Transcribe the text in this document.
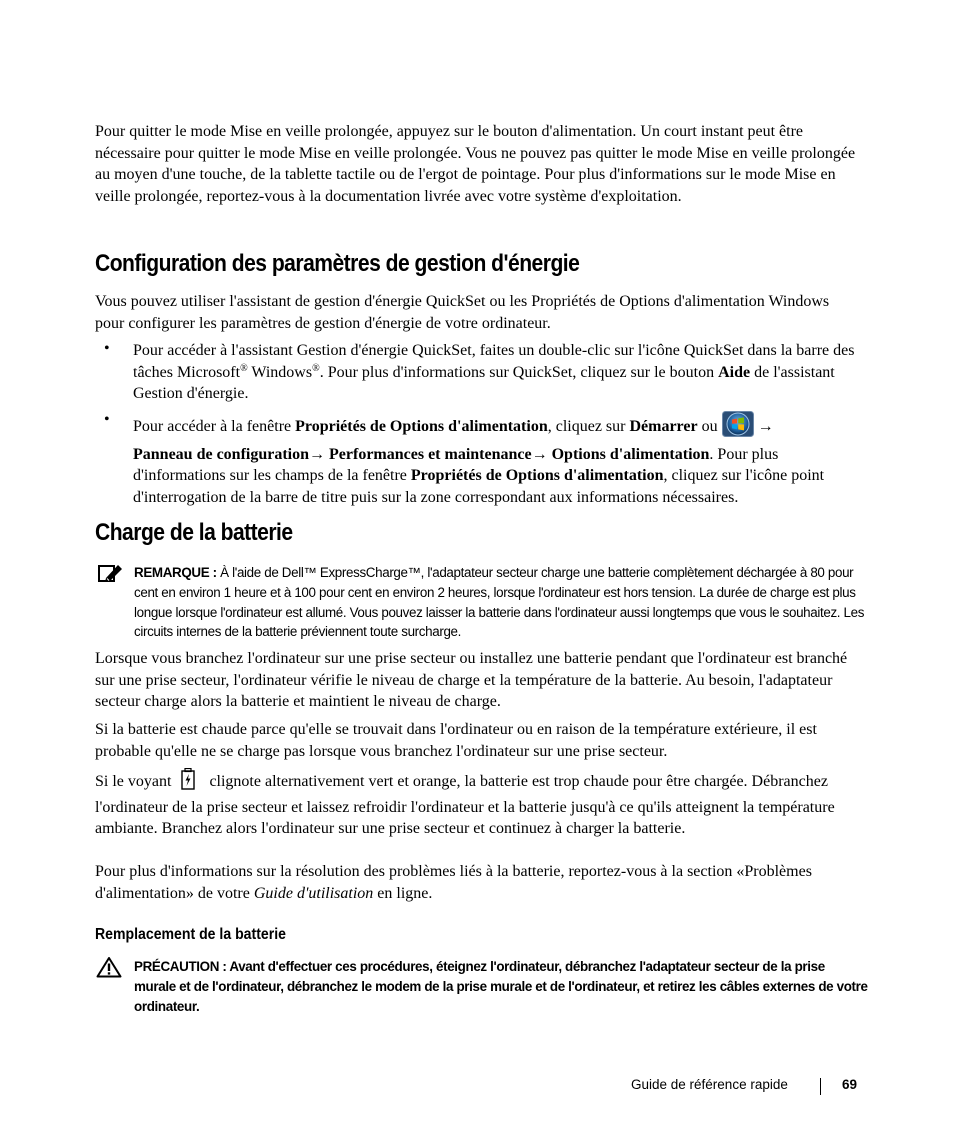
Pour quitter le mode Mise en veille prolongée, appuyez sur le bouton d'alimentation. Un court instant peut être nécessaire pour quitter le mode Mise en veille prolongée. Vous ne pouvez pas quitter le mode Mise en veille prolongée au moyen d'une touche, de la tablette tactile ou de l'ergot de pointage. Pour plus d'informations sur le mode Mise en veille prolongée, reportez-vous à la documentation livrée avec votre système d'exploitation.

Configuration des paramètres de gestion d'énergie

Vous pouvez utiliser l'assistant de gestion d'énergie QuickSet ou les Propriétés de Options d'alimentation Windows pour configurer les paramètres de gestion d'énergie de votre ordinateur.

• Pour accéder à l'assistant Gestion d'énergie QuickSet, faites un double-clic sur l'icône QuickSet dans la barre des tâches Microsoft® Windows®. Pour plus d'informations sur QuickSet, cliquez sur le bouton Aide de l'assistant Gestion d'énergie.

• Pour accéder à la fenêtre Propriétés de Options d'alimentation, cliquez sur Démarrer ou  →
Panneau de configuration→ Performances et maintenance→ Options d'alimentation. Pour plus d'informations sur les champs de la fenêtre Propriétés de Options d'alimentation, cliquez sur l'icône point d'interrogation de la barre de titre puis sur la zone correspondant aux informations nécessaires.

Charge de la batterie

REMARQUE : À l'aide de Dell™ ExpressCharge™, l'adaptateur secteur charge une batterie complètement déchargée à 80 pour cent en environ 1 heure et à 100 pour cent en environ 2 heures, lorsque l'ordinateur est hors tension. La durée de charge est plus longue lorsque l'ordinateur est allumé. Vous pouvez laisser la batterie dans l'ordinateur aussi longtemps que vous le souhaitez. Les circuits internes de la batterie préviennent toute surcharge.

Lorsque vous branchez l'ordinateur sur une prise secteur ou installez une batterie pendant que l'ordinateur est branché sur une prise secteur, l'ordinateur vérifie le niveau de charge et la température de la batterie. Au besoin, l'adaptateur secteur charge alors la batterie et maintient le niveau de charge.

Si la batterie est chaude parce qu'elle se trouvait dans l'ordinateur ou en raison de la température extérieure, il est probable qu'elle ne se charge pas lorsque vous branchez l'ordinateur sur une prise secteur.

Si le voyant  clignote alternativement vert et orange, la batterie est trop chaude pour être chargée. Débranchez l'ordinateur de la prise secteur et laissez refroidir l'ordinateur et la batterie jusqu'à ce qu'ils atteignent la température ambiante. Branchez alors l'ordinateur sur une prise secteur et continuez à charger la batterie.

Pour plus d'informations sur la résolution des problèmes liés à la batterie, reportez-vous à la section «Problèmes d'alimentation» de votre Guide d'utilisation en ligne.

Remplacement de la batterie

PRÉCAUTION : Avant d'effectuer ces procédures, éteignez l'ordinateur, débranchez l'adaptateur secteur de la prise murale et de l'ordinateur, débranchez le modem de la prise murale et de l'ordinateur, et retirez les câbles externes de votre ordinateur.

Guide de référence rapide	69
